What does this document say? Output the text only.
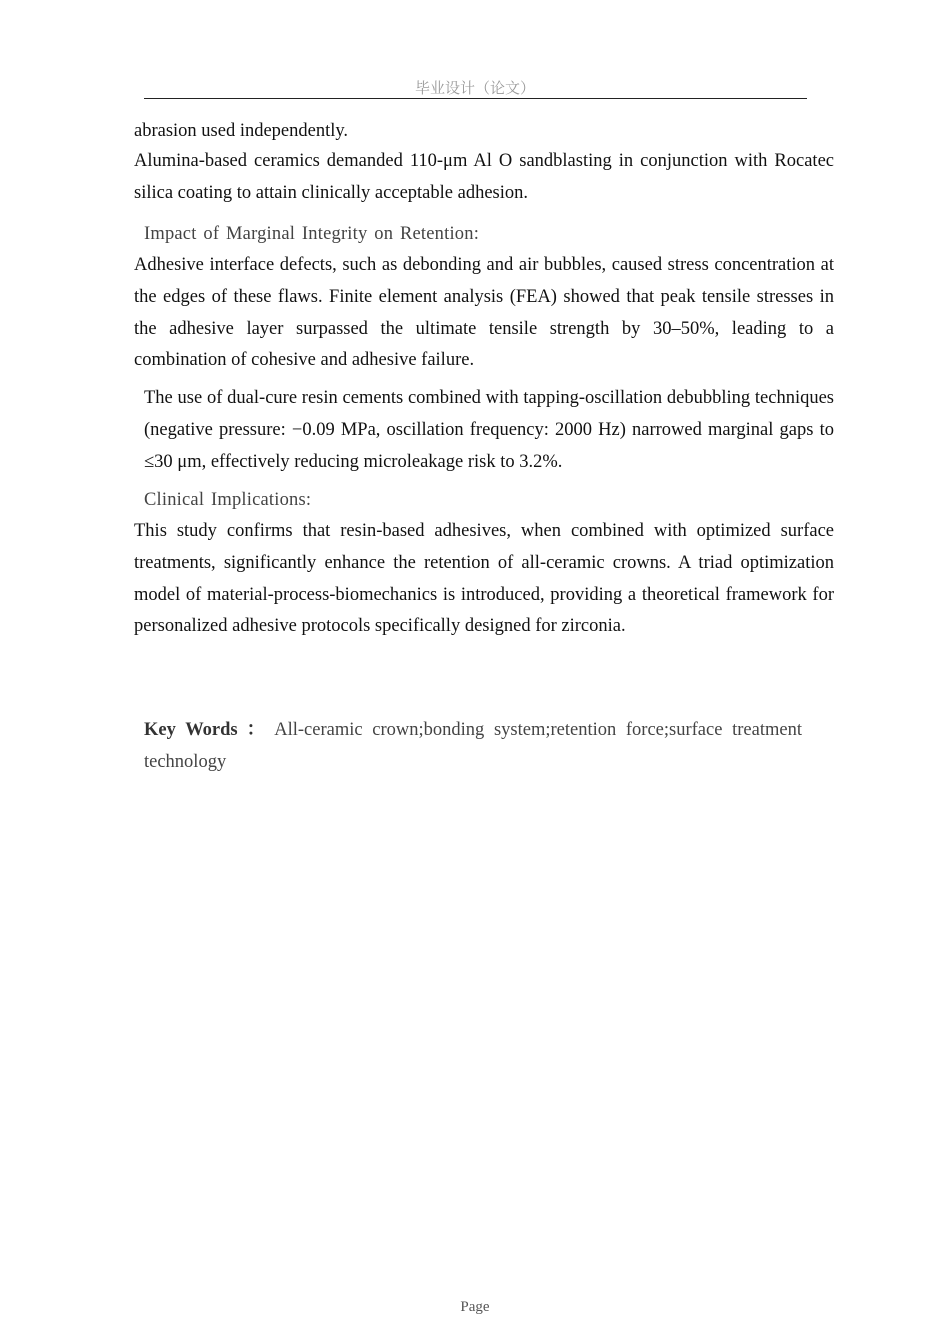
毕业设计（论文）

abrasion used independently.

Alumina-based ceramics demanded 110-μm Al O sandblasting in conjunction with Rocatec silica coating to attain clinically acceptable adhesion.

Impact of Marginal Integrity on Retention:

Adhesive interface defects, such as debonding and air bubbles, caused stress concentration at the edges of these flaws. Finite element analysis (FEA) showed that peak tensile stresses in the adhesive layer surpassed the ultimate tensile strength by 30–50%, leading to a combination of cohesive and adhesive failure.

The use of dual-cure resin cements combined with tapping-oscillation debubbling techniques (negative pressure: −0.09 MPa, oscillation frequency: 2000 Hz) narrowed marginal gaps to ≤30 μm, effectively reducing microleakage risk to 3.2%.

Clinical Implications:

This study confirms that resin-based adhesives, when combined with optimized surface treatments, significantly enhance the retention of all-ceramic crowns. A triad optimization model of material-process-biomechanics is introduced, providing a theoretical framework for personalized adhesive protocols specifically designed for zirconia.

Key Words ： All-ceramic crown;bonding system;retention force;surface treatment technology
Page
